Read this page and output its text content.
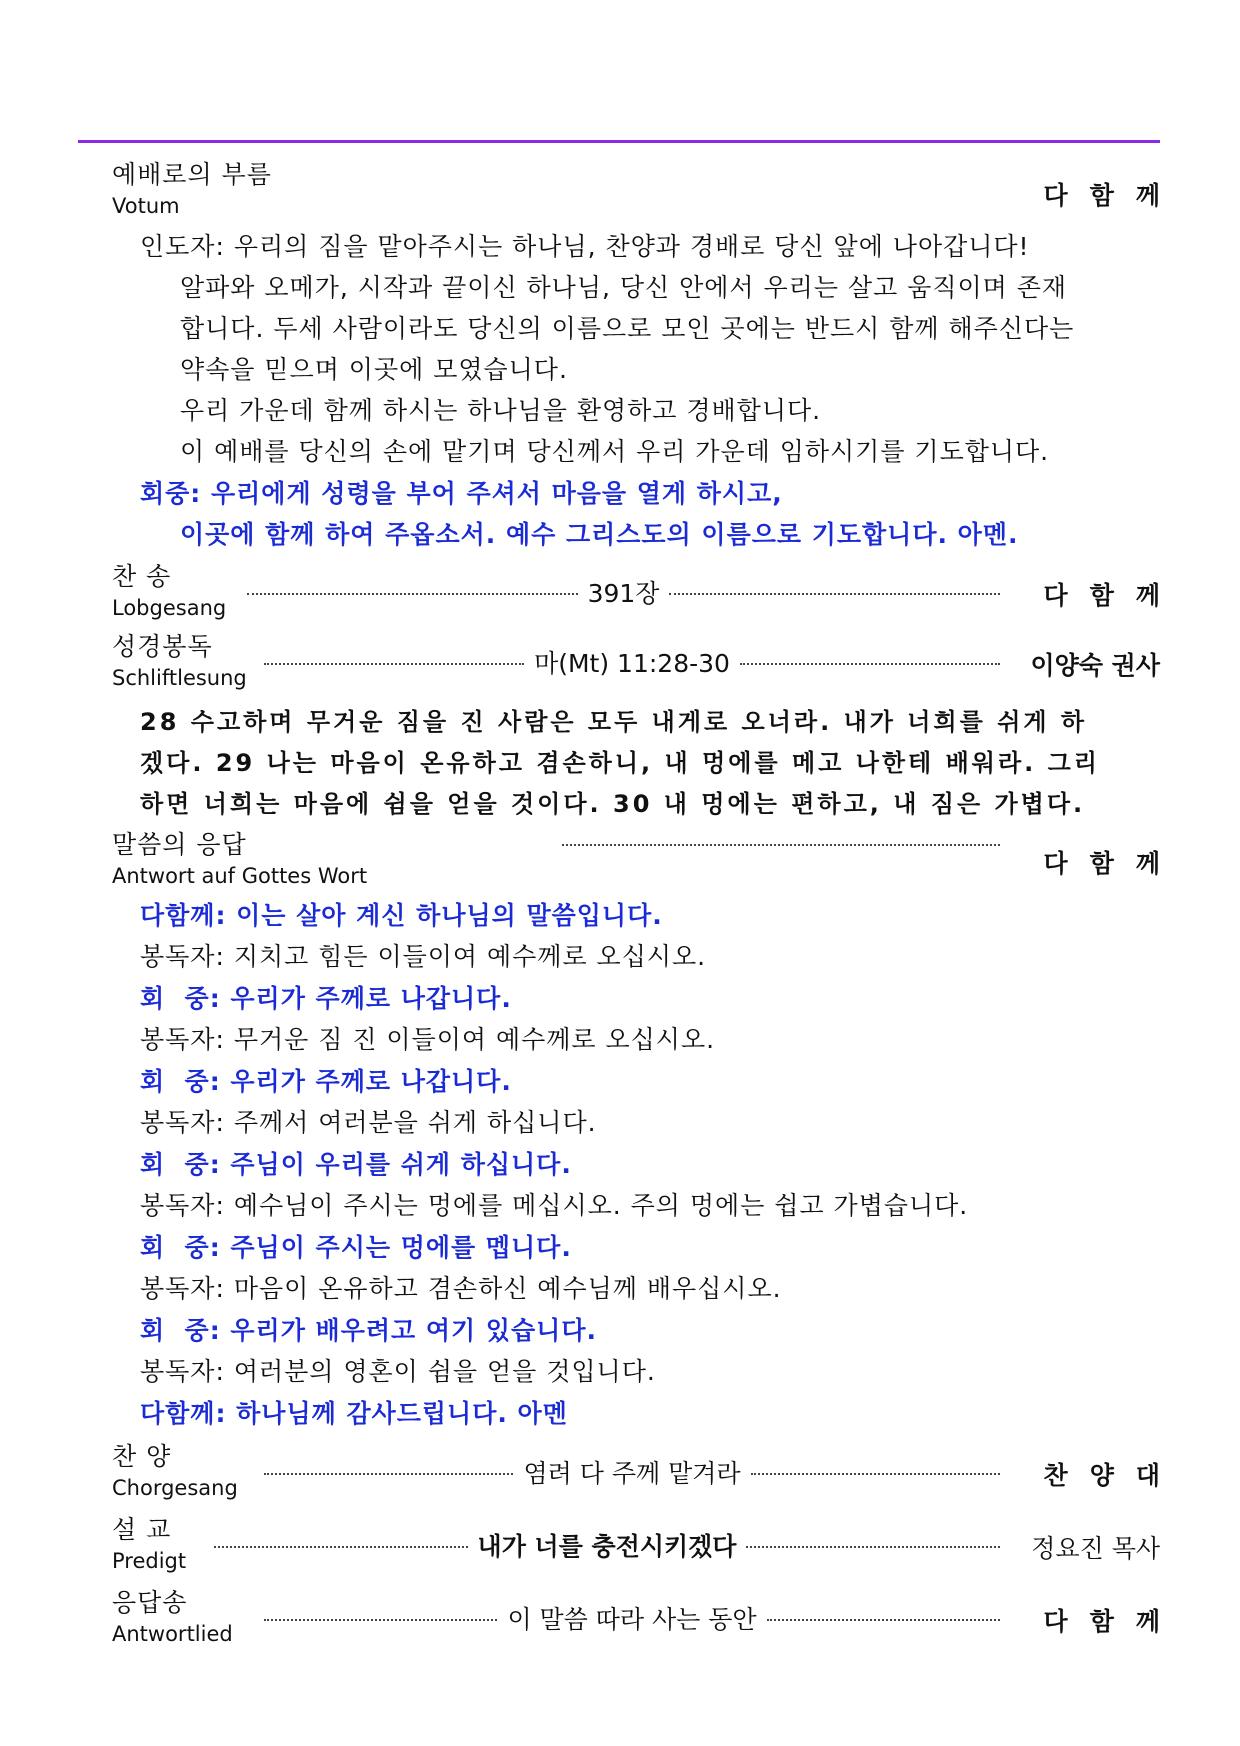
예배로의 부름
Votum	다함께
인도자: 우리의 짐을 맡아주시는 하나님, 찬양과 경배로 당신 앞에 나아갑니다!
알파와 오메가, 시작과 끝이신 하나님, 당신 안에서 우리는 살고 움직이며 존재
합니다. 두세 사람이라도 당신의 이름으로 모인 곳에는 반드시 함께 해주신다는
약속을 믿으며 이곳에 모였습니다.
우리 가운데 함께 하시는 하나님을 환영하고 경배합니다.
이 예배를 당신의 손에 맡기며 당신께서 우리 가운데 임하시기를 기도합니다.
회중: 우리에게 성령을 부어 주셔서 마음을 열게 하시고,
이곳에 함께 하여 주옵소서. 예수 그리스도의 이름으로 기도합니다. 아멘.
찬 송
Lobgesang	391장	다함께
성경봉독
Schliftlesung	마(Mt) 11:28-30	이양숙 권사
28 수고하며 무거운 짐을 진 사람은 모두 내게로 오너라. 내가 너희를 쉬게 하
겠다. 29 나는 마음이 온유하고 겸손하니, 내 멍에를 메고 나한테 배워라. 그리
하면 너희는 마음에 쉼을 얻을 것이다. 30 내 멍에는 편하고, 내 짐은 가볍다.
말씀의 응답
Antwort auf Gottes Wort	다함께
다함께: 이는 살아 계신 하나님의 말씀입니다.
봉독자: 지치고 힘든 이들이여 예수께로 오십시오.
회  중: 우리가 주께로 나갑니다.
봉독자: 무거운 짐 진 이들이여 예수께로 오십시오.
회  중: 우리가 주께로 나갑니다.
봉독자: 주께서 여러분을 쉬게 하십니다.
회  중: 주님이 우리를 쉬게 하십니다.
봉독자: 예수님이 주시는 멍에를 메십시오. 주의 멍에는 쉽고 가볍습니다.
회  중: 주님이 주시는 멍에를 멥니다.
봉독자: 마음이 온유하고 겸손하신 예수님께 배우십시오.
회  중: 우리가 배우려고 여기 있습니다.
봉독자: 여러분의 영혼이 쉼을 얻을 것입니다.
다함께: 하나님께 감사드립니다. 아멘
찬 양
Chorgesang	염려 다 주께 맡겨라	찬양대
설 교
Predigt	내가 너를 충전시키겠다	정요진 목사
응답송
Antwortlied	이 말씀 따라 사는 동안	다함께
